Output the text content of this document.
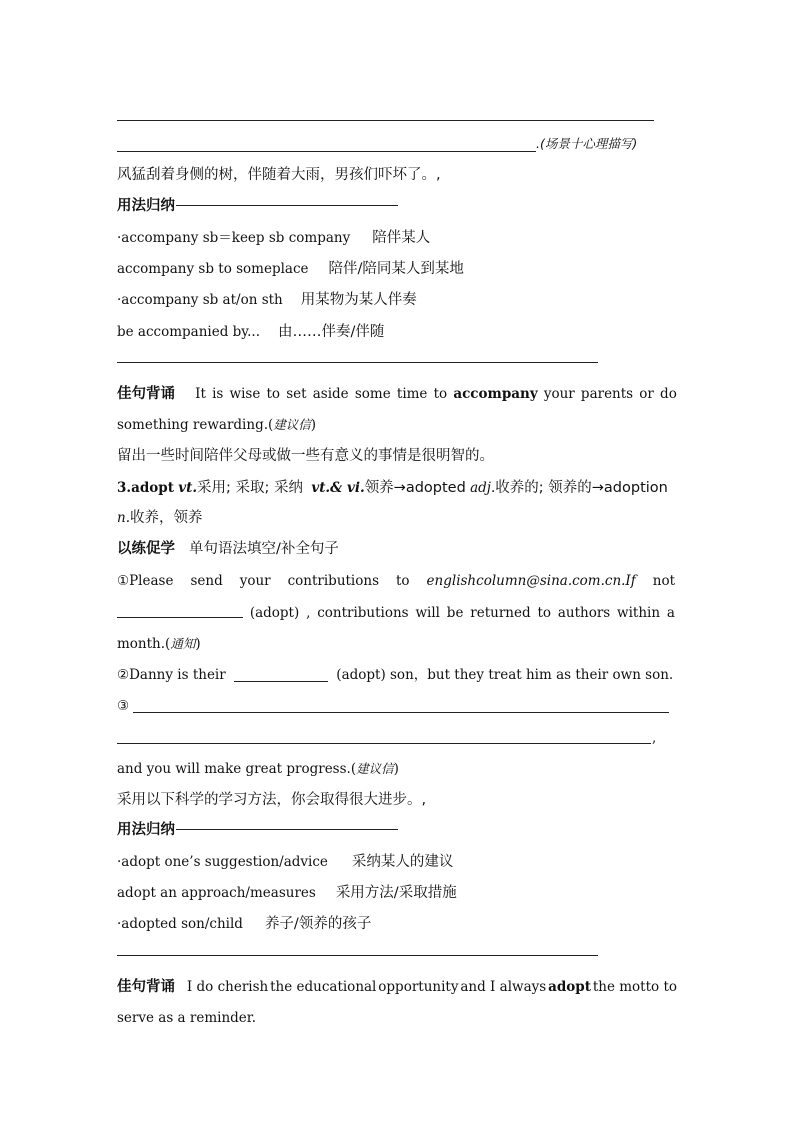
.(场景十心理描写)
风猛刮着身侧的树，伴随着大雨，男孩们吓坏了。,
用法归纳
·accompany sb＝keep sb company 陪伴某人
accompany sb to someplace 陪伴/陪同某人到某地
·accompany sb at/on sth 用某物为某人伴奏
be accompanied by... 由……伴奏/伴随
佳句背诵 It is wise to set aside some time to accompany your parents or do
something rewarding.(建议信)
留出一些时间陪伴父母或做一些有意义的事情是很明智的。
3.adopt vt.采用; 采取; 采纳 vt.& vi.领养→adopted adj.收养的; 领养的→adoption
n.收养，领养
以练促学 单句语法填空/补全句子
①Please send your contributions to englishcolumn@sina.com.cn.If not
(adopt) , contributions will be returned to authors within a
month.(通知)
②Danny is their	(adopt) son，but they treat him as their own son.
③
,
and you will make great progress.(建议信)
采用以下科学的学习方法，你会取得很大进步。,
用法归纳
·adopt one’s suggestion/advice 采纳某人的建议
adopt an approach/measures 采用方法/采取措施
·adopted son/child 养子/领养的孩子
佳句背诵 I do cherish the educational opportunity and I always adopt the motto to
serve as a reminder.
